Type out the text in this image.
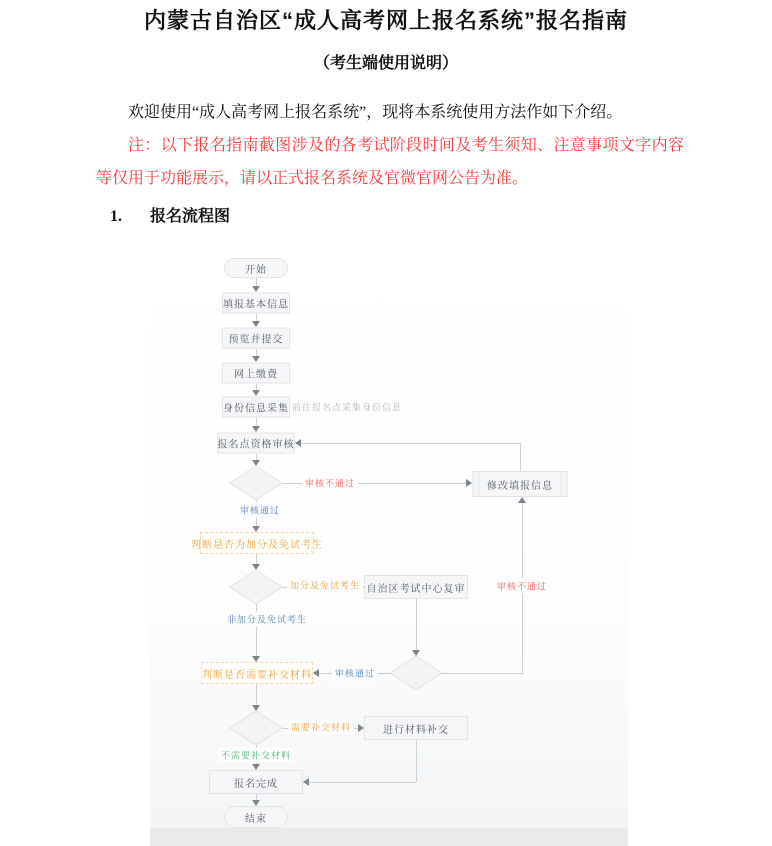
内蒙古自治区“成人高考网上报名系统”报名指南
（考生端使用说明）

欢迎使用“成人高考网上报名系统”，现将本系统使用方法作如下介绍。

注：以下报名指南截图涉及的各考试阶段时间及考生须知、注意事项文字内容等仅用于功能展示，请以正式报名系统及官微官网公告为准。

1.	报名流程图
开始
填报基本信息
预览并提交
网上缴费
身份信息采集 前往报名点采集身份信息
报名点资格审核
修改填报信息
判断是否为加分及免试考生
自治区考试中心复审
判断是否需要补交材料
进行材料补交
报名完成
结束
审核不通过
审核通过
加分及免试考生	审核不通过
非加分及免试考生
审核通过
需要补交材料
不需要补交材料
